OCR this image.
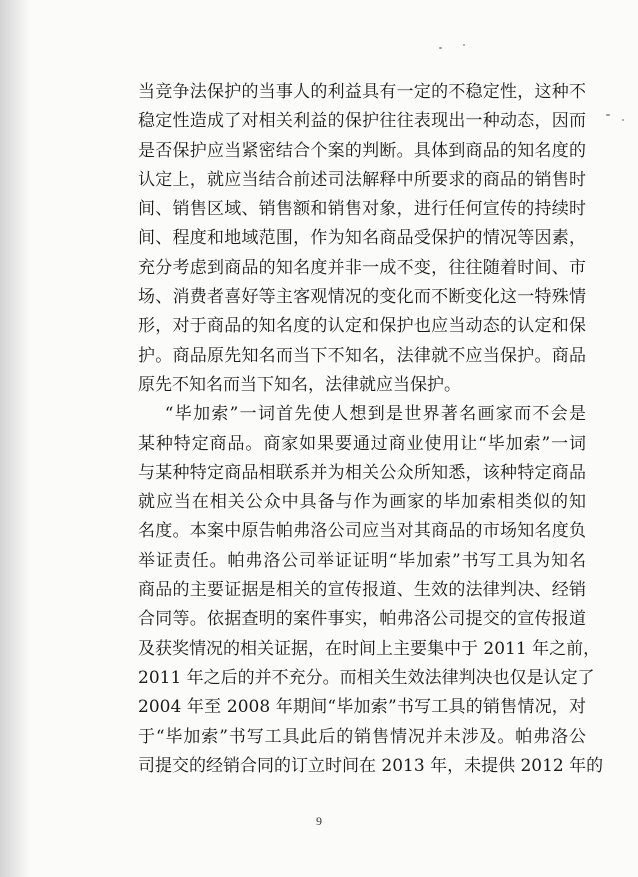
当竞争法保护的当事人的利益具有一定的不稳定性，这种不
稳定性造成了对相关利益的保护往往表现出一种动态，因而
是否保护应当紧密结合个案的判断。具体到商品的知名度的
认定上，就应当结合前述司法解释中所要求的商品的销售时
间、销售区域、销售额和销售对象，进行任何宣传的持续时
间、程度和地域范围，作为知名商品受保护的情况等因素，
充分考虑到商品的知名度并非一成不变，往往随着时间、市
场、消费者喜好等主客观情况的变化而不断变化这一特殊情
形，对于商品的知名度的认定和保护也应当动态的认定和保
护。商品原先知名而当下不知名，法律就不应当保护。商品
原先不知名而当下知名，法律就应当保护。
“毕加索”一词首先使人想到是世界著名画家而不会是
某种特定商品。商家如果要通过商业使用让“毕加索”一词
与某种特定商品相联系并为相关公众所知悉，该种特定商品
就应当在相关公众中具备与作为画家的毕加索相类似的知
名度。本案中原告帕弗洛公司应当对其商品的市场知名度负
举证责任。帕弗洛公司举证证明“毕加索”书写工具为知名
商品的主要证据是相关的宣传报道、生效的法律判决、经销
合同等。依据查明的案件事实，帕弗洛公司提交的宣传报道
及获奖情况的相关证据，在时间上主要集中于 2011 年之前，
2011 年之后的并不充分。而相关生效法律判决也仅是认定了
2004 年至 2008 年期间“毕加索”书写工具的销售情况，对
于“毕加索”书写工具此后的销售情况并未涉及。帕弗洛公
司提交的经销合同的订立时间在 2013 年，未提供 2012 年的
9
